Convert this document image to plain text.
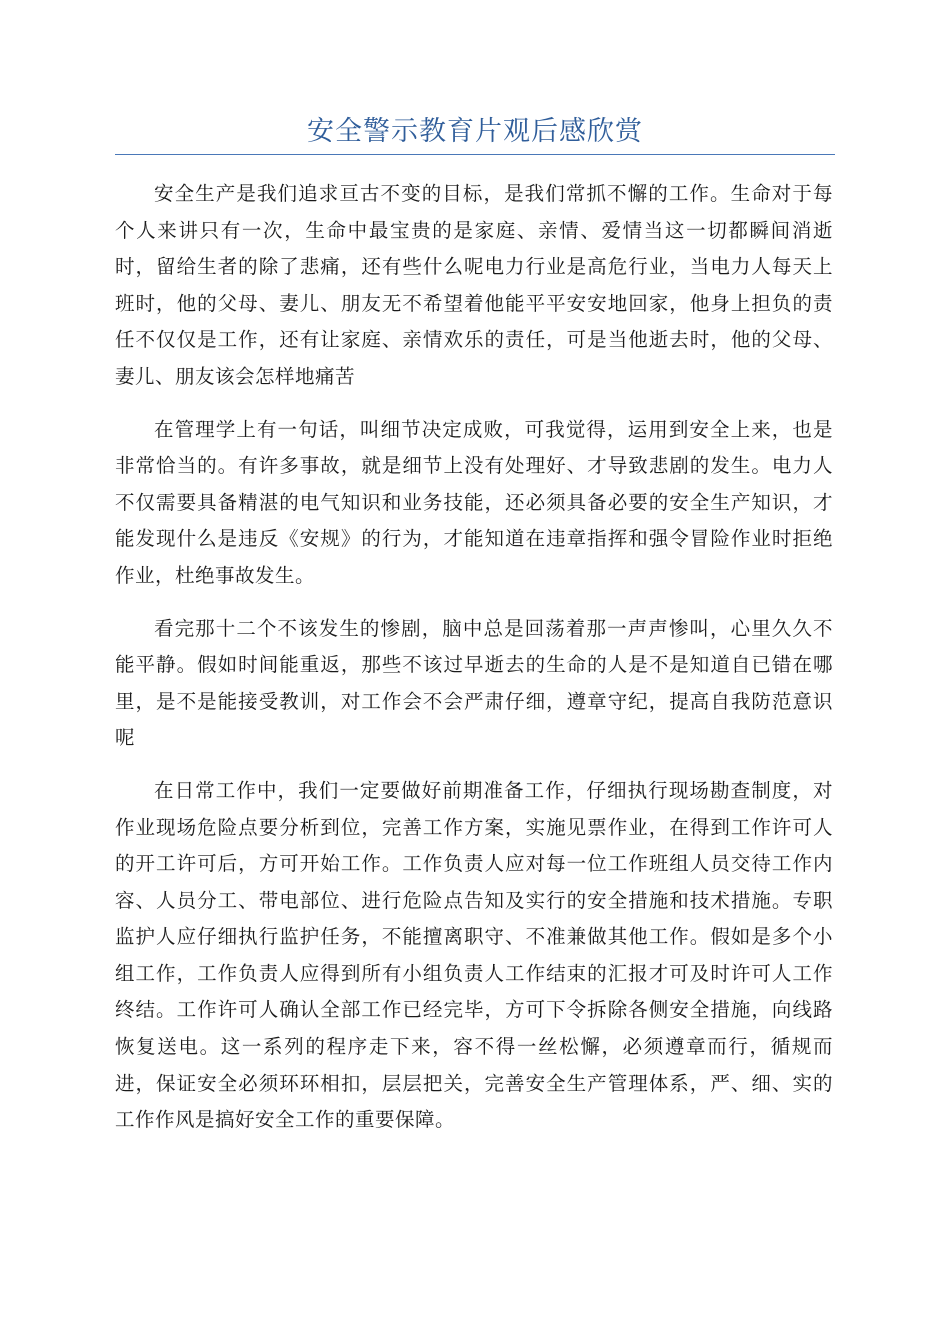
安全警示教育片观后感欣赏

安全生产是我们追求亘古不变的目标，是我们常抓不懈的工作。生命对于每个人来讲只有一次，生命中最宝贵的是家庭、亲情、爱情当这一切都瞬间消逝时，留给生者的除了悲痛，还有些什么呢电力行业是高危行业，当电力人每天上班时，他的父母、妻儿、朋友无不希望着他能平平安安地回家，他身上担负的责任不仅仅是工作，还有让家庭、亲情欢乐的责任，可是当他逝去时，他的父母、妻儿、朋友该会怎样地痛苦

在管理学上有一句话，叫细节决定成败，可我觉得，运用到安全上来，也是非常恰当的。有许多事故，就是细节上没有处理好、才导致悲剧的发生。电力人不仅需要具备精湛的电气知识和业务技能，还必须具备必要的安全生产知识，才能发现什么是违反《安规》的行为，才能知道在违章指挥和强令冒险作业时拒绝作业，杜绝事故发生。

看完那十二个不该发生的惨剧，脑中总是回荡着那一声声惨叫，心里久久不能平静。假如时间能重返，那些不该过早逝去的生命的人是不是知道自已错在哪里，是不是能接受教训，对工作会不会严肃仔细，遵章守纪，提高自我防范意识呢

在日常工作中，我们一定要做好前期准备工作，仔细执行现场勘查制度，对作业现场危险点要分析到位，完善工作方案，实施见票作业，在得到工作许可人的开工许可后，方可开始工作。工作负责人应对每一位工作班组人员交待工作内容、人员分工、带电部位、进行危险点告知及实行的安全措施和技术措施。专职监护人应仔细执行监护任务，不能擅离职守、不准兼做其他工作。假如是多个小组工作，工作负责人应得到所有小组负责人工作结束的汇报才可及时许可人工作终结。工作许可人确认全部工作已经完毕，方可下令拆除各侧安全措施，向线路恢复送电。这一系列的程序走下来，容不得一丝松懈，必须遵章而行，循规而进，保证安全必须环环相扣，层层把关，完善安全生产管理体系，严、细、实的工作作风是搞好安全工作的重要保障。
